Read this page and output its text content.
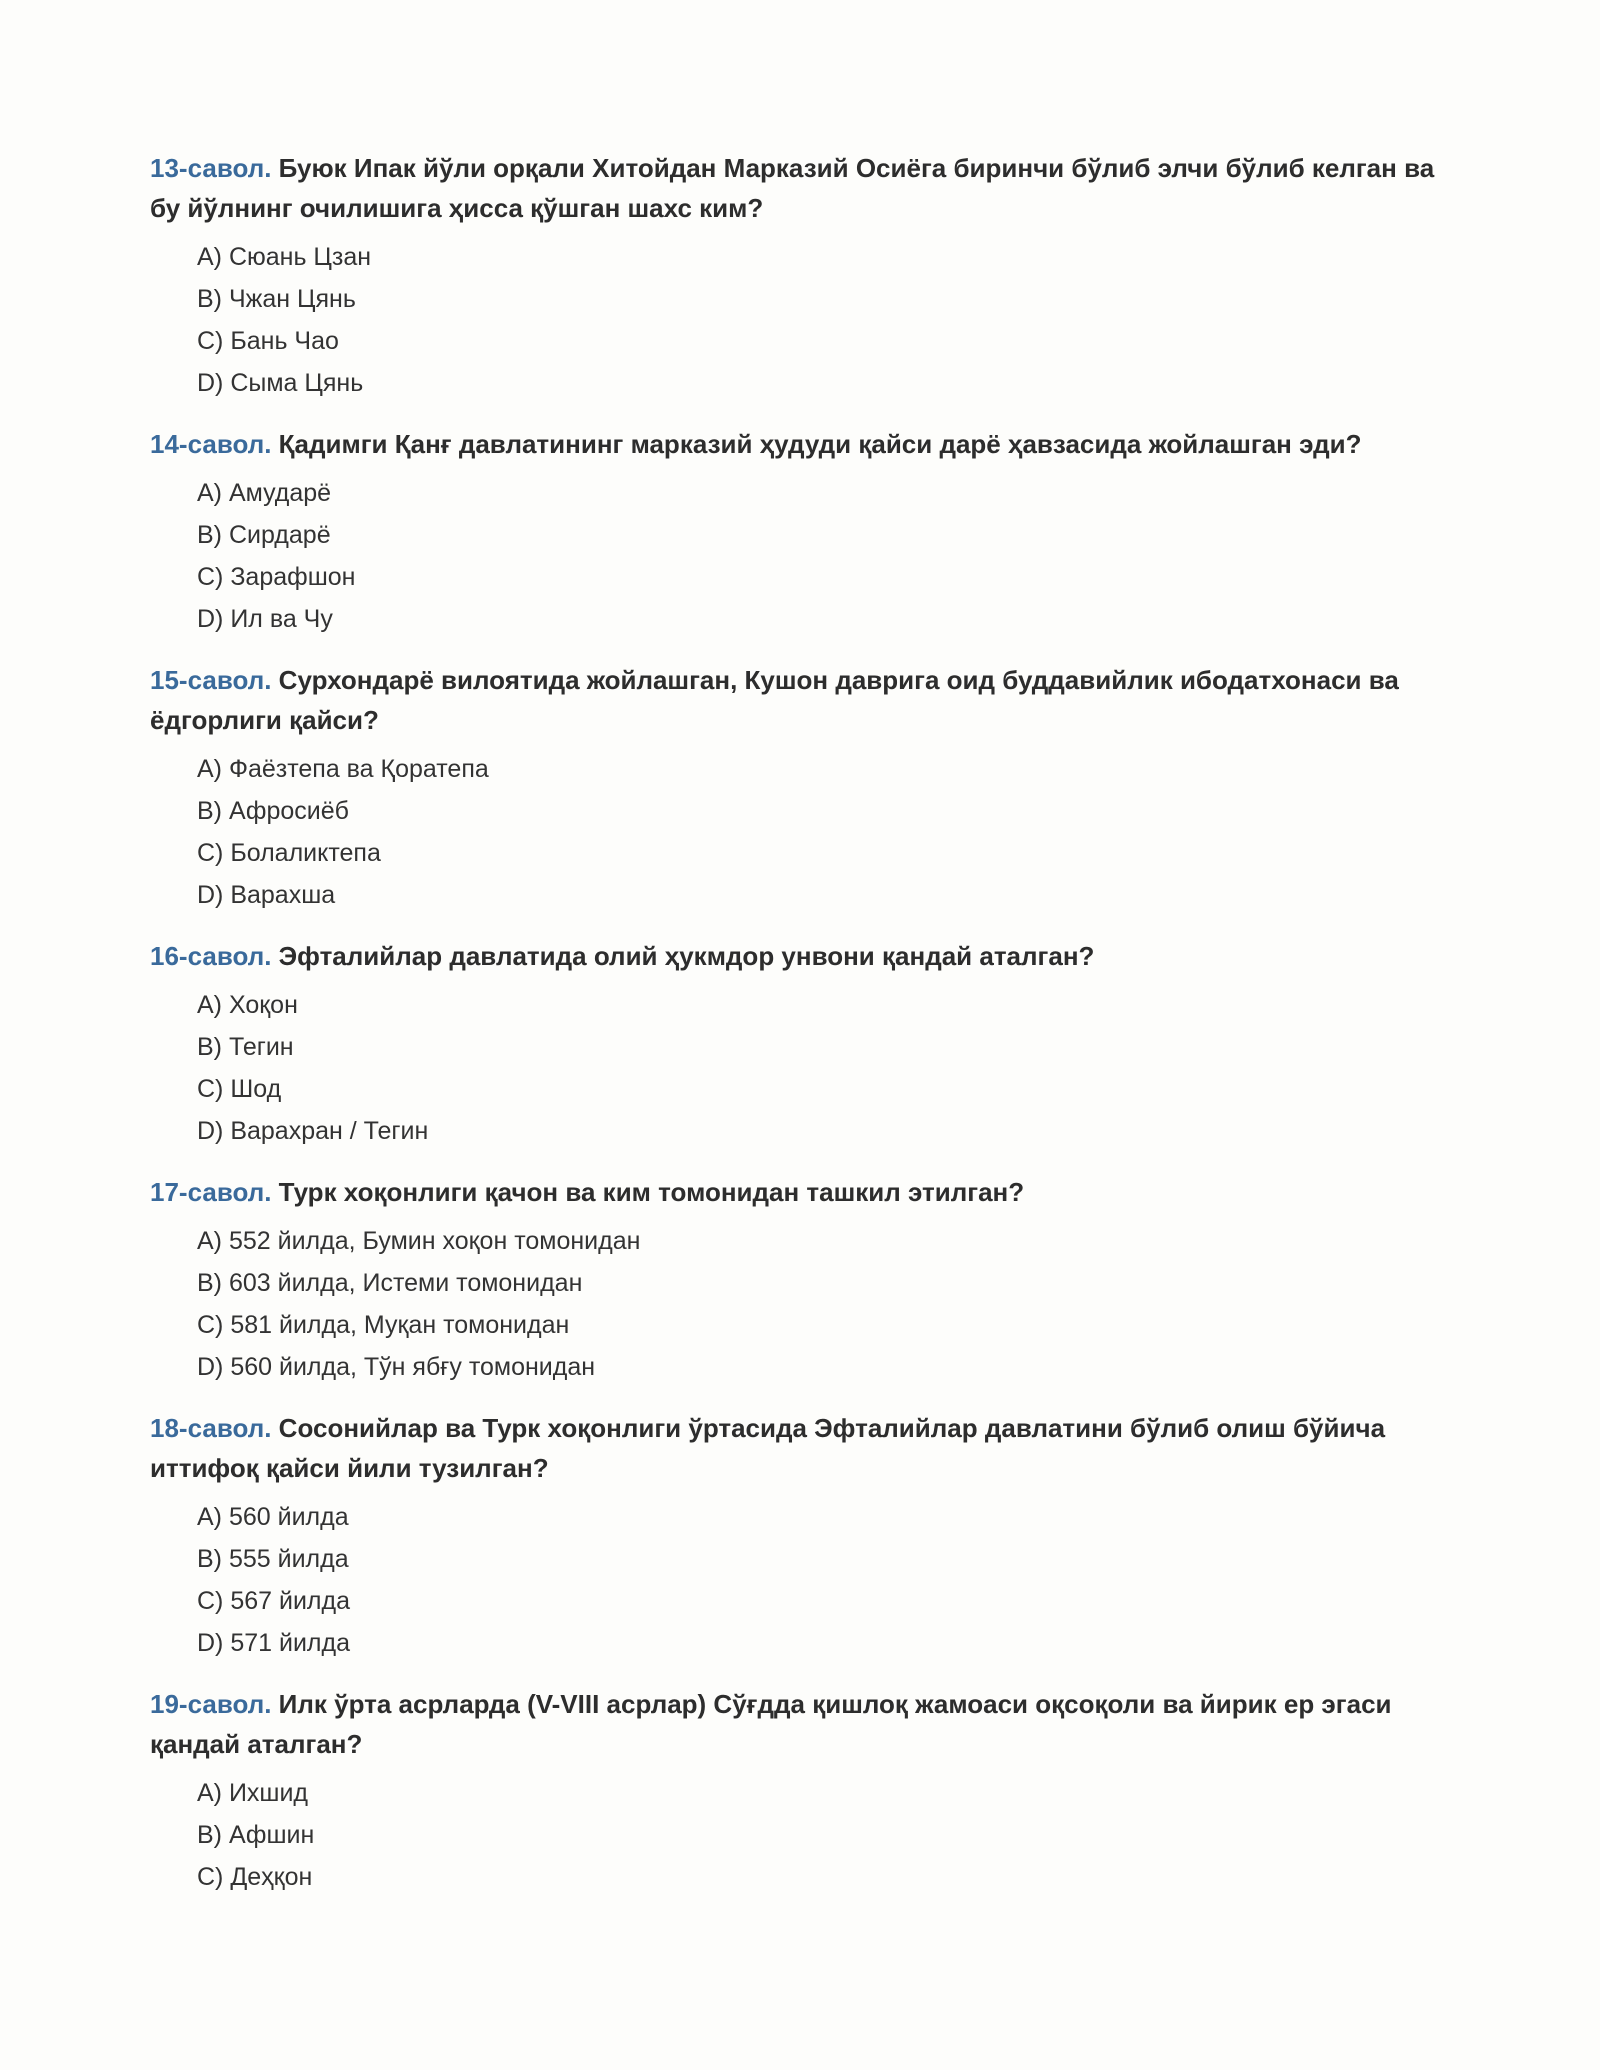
13-савол. Буюк Ипак йўли орқали Хитойдан Марказий Осиёга биринчи бўлиб элчи бўлиб келган ва бу йўлнинг очилишига ҳисса қўшган шахс ким?

A) Сюань Цзан
B) Чжан Цянь
C) Бань Чао
D) Сыма Цянь

14-савол. Қадимги Қанғ давлатининг марказий ҳудуди қайси дарё ҳавзасида жойлашган эди?

A) Амударё
B) Сирдарё
C) Зарафшон
D) Ил ва Чу

15-савол. Сурхондарё вилоятида жойлашган, Кушон даврига оид буддавийлик ибодатхонаси ва ёдгорлиги қайси?

A) Фаёзтепа ва Қоратепа
B) Афросиёб
C) Болаликтепа
D) Варахша

16-савол. Эфталийлар давлатида олий ҳукмдор унвони қандай аталган?

A) Хоқон
B) Тегин
C) Шод
D) Варахран / Тегин

17-савол. Турк хоқонлиги қачон ва ким томонидан ташкил этилган?

A) 552 йилда, Бумин хоқон томонидан
B) 603 йилда, Истеми томонидан
C) 581 йилда, Муқан томонидан
D) 560 йилда, Тўн ябғу томонидан

18-савол. Сосонийлар ва Турк хоқонлиги ўртасида Эфталийлар давлатини бўлиб олиш бўйича иттифоқ қайси йили тузилган?

A) 560 йилда
B) 555 йилда
C) 567 йилда
D) 571 йилда

19-савол. Илк ўрта асрларда (V-VIII асрлар) Сўғдда қишлоқ жамоаси оқсоқоли ва йирик ер эгаси қандай аталган?

A) Ихшид
B) Афшин
C) Деҳқон
